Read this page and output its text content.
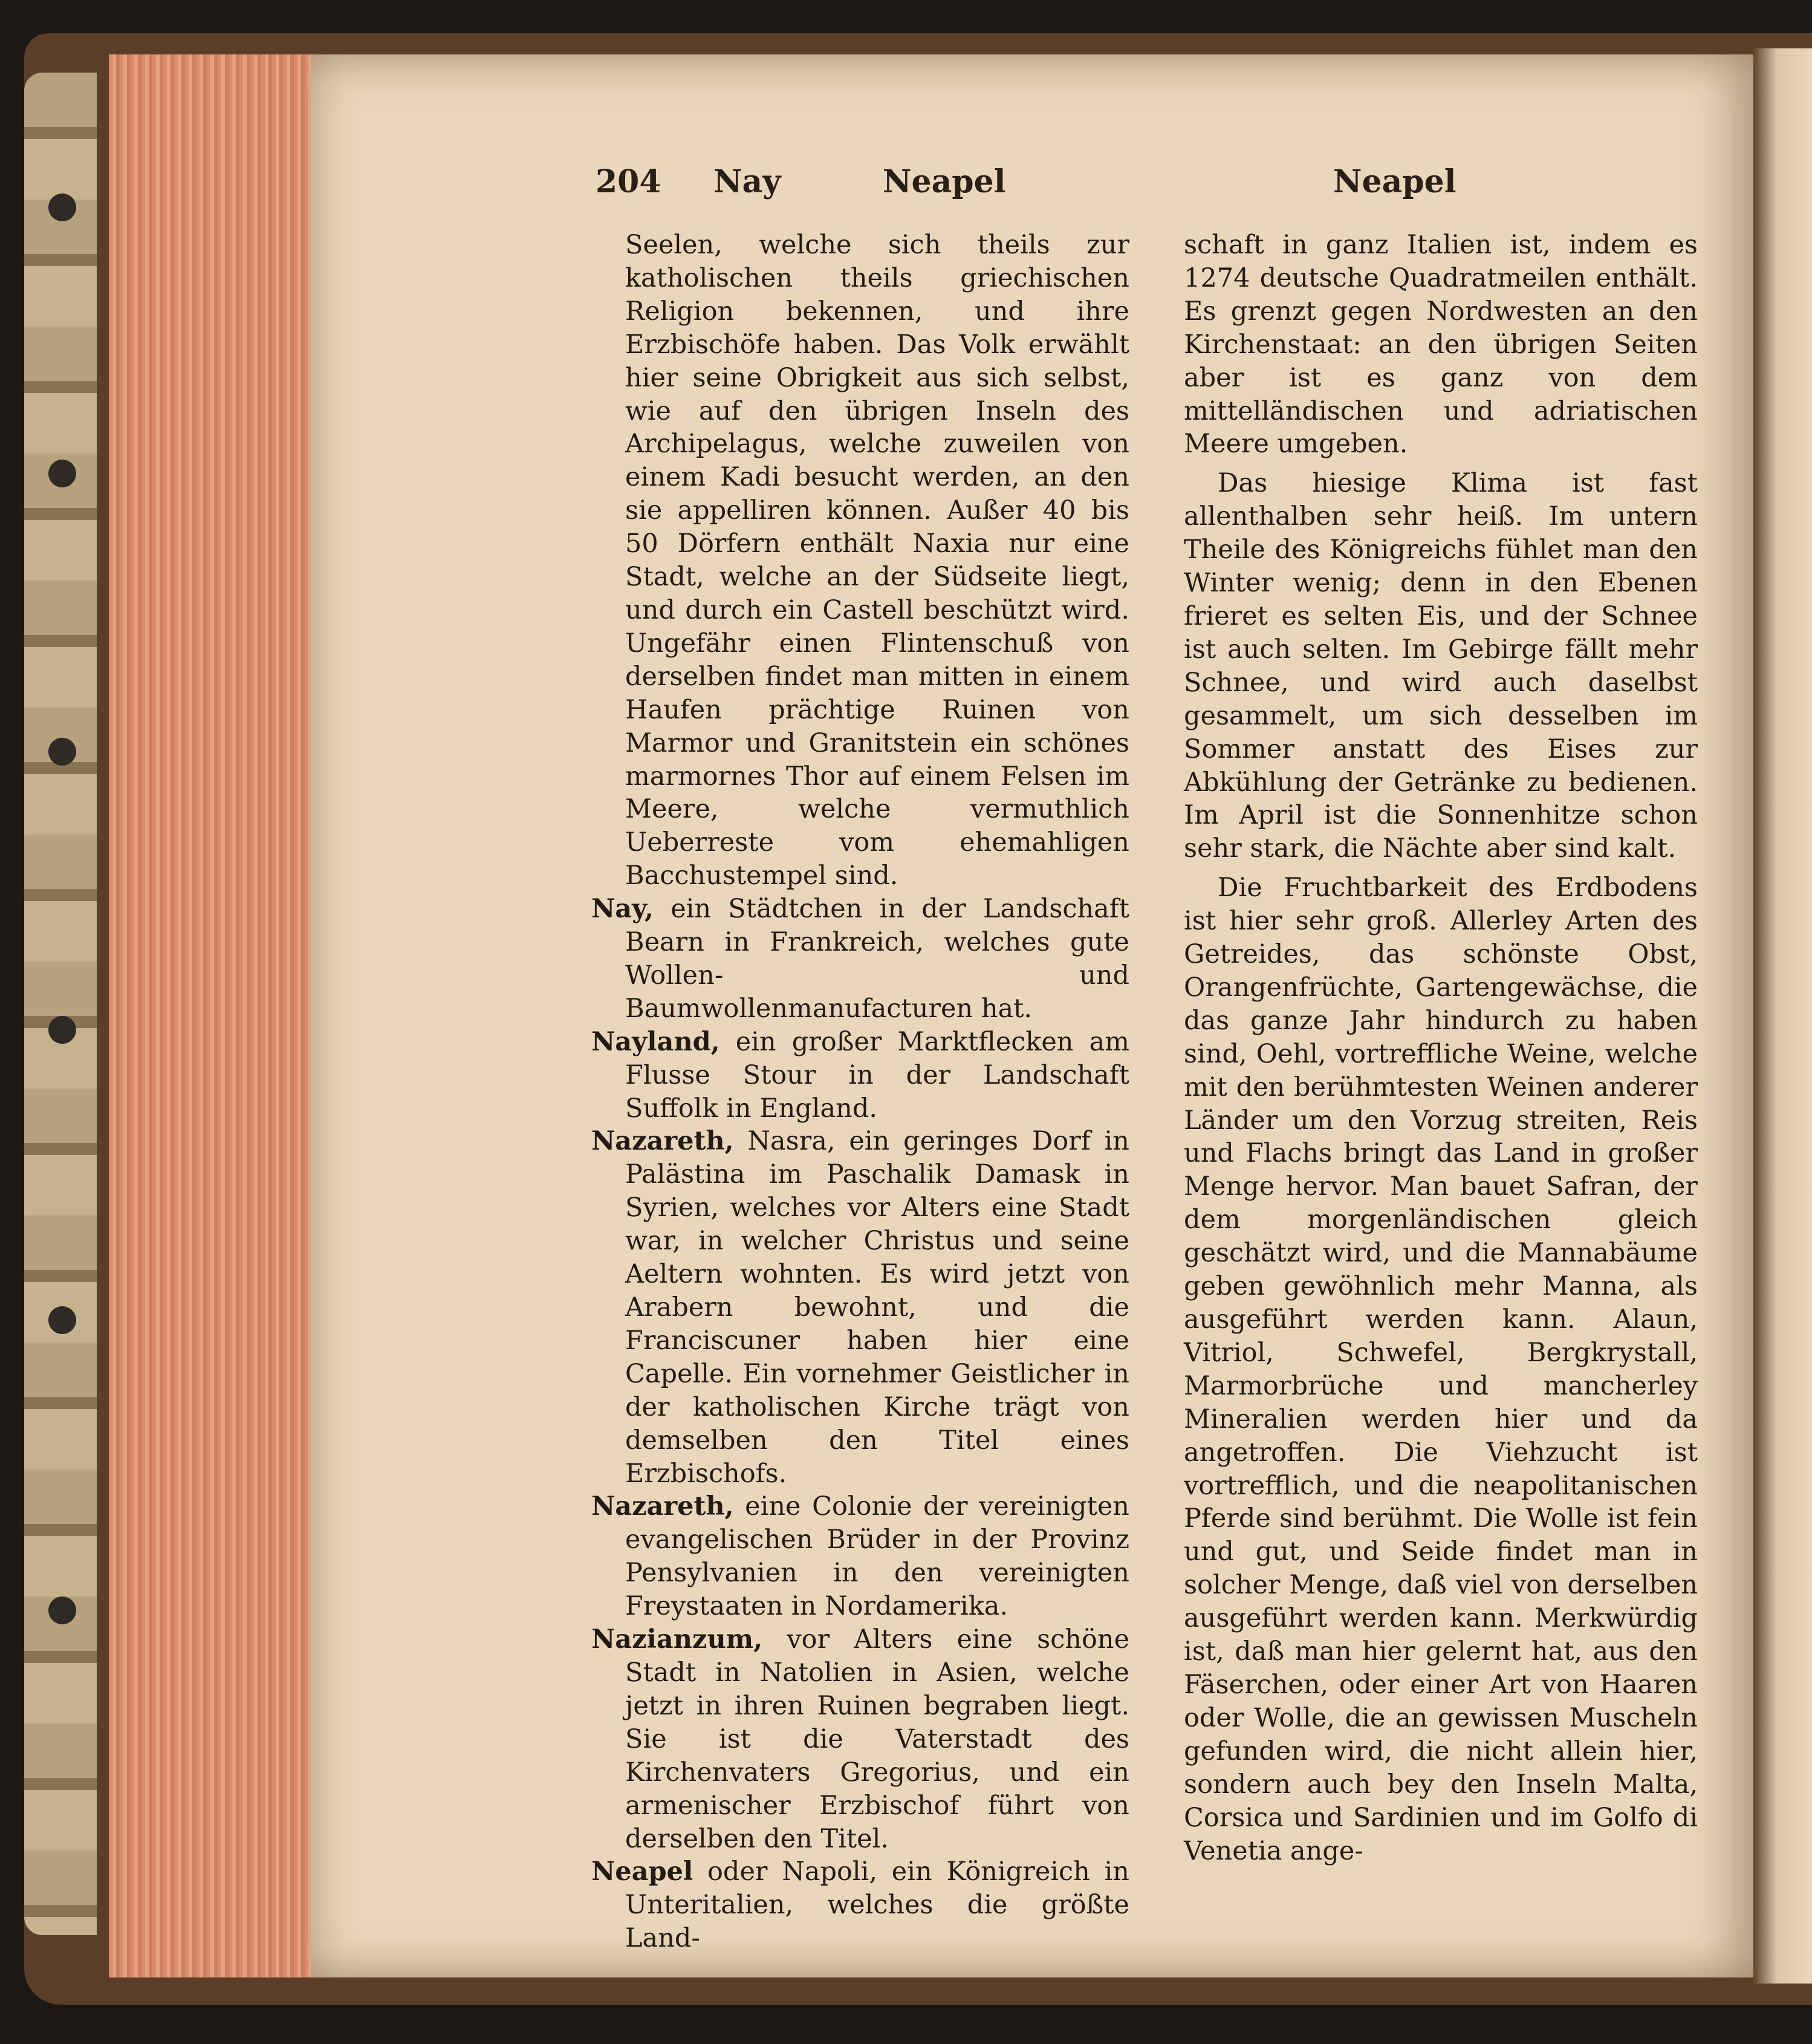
204 Nay	Neapel	Neapel

Seelen, welche sich theils zur katholischen theils griechischen Religion bekennen, und ihre Erzbischöfe haben. Das Volk erwählt hier seine Obrigkeit aus sich selbst, wie auf den übrigen Inseln des Archipelagus, welche zuweilen von einem Kadi besucht werden, an den sie appelliren können. Außer 40 bis 50 Dörfern enthält Naxia nur eine Stadt, welche an der Südseite liegt, und durch ein Castell beschützt wird. Ungefähr einen Flintenschuß von derselben findet man mitten in einem Haufen prächtige Ruinen von Marmor und Granitstein ein schönes marmornes Thor auf einem Felsen im Meere, welche vermuthlich Ueberreste vom ehemahligen Bacchustempel sind.

Nay, ein Städtchen in der Landschaft Bearn in Frankreich, welches gute Wollen- und Baumwollenmanufacturen hat.

Nayland, ein großer Marktflecken am Flusse Stour in der Landschaft Suffolk in England.

Nazareth, Nasra, ein geringes Dorf in Palästina im Paschalik Damask in Syrien, welches vor Alters eine Stadt war, in welcher Christus und seine Aeltern wohnten. Es wird jetzt von Arabern bewohnt, und die Franciscuner haben hier eine Capelle. Ein vornehmer Geistlicher in der katholischen Kirche trägt von demselben den Titel eines Erzbischofs.

Nazareth, eine Colonie der vereinigten evangelischen Brüder in der Provinz Pensylvanien in den vereinigten Freystaaten in Nordamerika.

Nazianzum, vor Alters eine schöne Stadt in Natolien in Asien, welche jetzt in ihren Ruinen begraben liegt. Sie ist die Vaterstadt des Kirchenvaters Gregorius, und ein armenischer Erzbischof führt von derselben den Titel.

Neapel oder Napoli, ein Königreich in Unteritalien, welches die größte Land-

schaft in ganz Italien ist, indem es 1274 deutsche Quadratmeilen enthält. Es grenzt gegen Nordwesten an den Kirchenstaat: an den übrigen Seiten aber ist es ganz von dem mittelländischen und adriatischen Meere umgeben.

Das hiesige Klima ist fast allenthalben sehr heiß. Im untern Theile des Königreichs fühlet man den Winter wenig; denn in den Ebenen frieret es selten Eis, und der Schnee ist auch selten. Im Gebirge fällt mehr Schnee, und wird auch daselbst gesammelt, um sich desselben im Sommer anstatt des Eises zur Abkühlung der Getränke zu bedienen. Im April ist die Sonnenhitze schon sehr stark, die Nächte aber sind kalt.

Die Fruchtbarkeit des Erdbodens ist hier sehr groß. Allerley Arten des Getreides, das schönste Obst, Orangenfrüchte, Gartengewächse, die das ganze Jahr hindurch zu haben sind, Oehl, vortreffliche Weine, welche mit den berühmtesten Weinen anderer Länder um den Vorzug streiten, Reis und Flachs bringt das Land in großer Menge hervor. Man bauet Safran, der dem morgenländischen gleich geschätzt wird, und die Mannabäume geben gewöhnlich mehr Manna, als ausgeführt werden kann. Alaun, Vitriol, Schwefel, Bergkrystall, Marmorbrüche und mancherley Mineralien werden hier und da angetroffen. Die Viehzucht ist vortrefflich, und die neapolitanischen Pferde sind berühmt. Die Wolle ist fein und gut, und Seide findet man in solcher Menge, daß viel von derselben ausgeführt werden kann. Merkwürdig ist, daß man hier gelernt hat, aus den Fäserchen, oder einer Art von Haaren oder Wolle, die an gewissen Muscheln gefunden wird, die nicht allein hier, sondern auch bey den Inseln Malta, Corsica und Sardinien und im Golfo di Venetia ange-
